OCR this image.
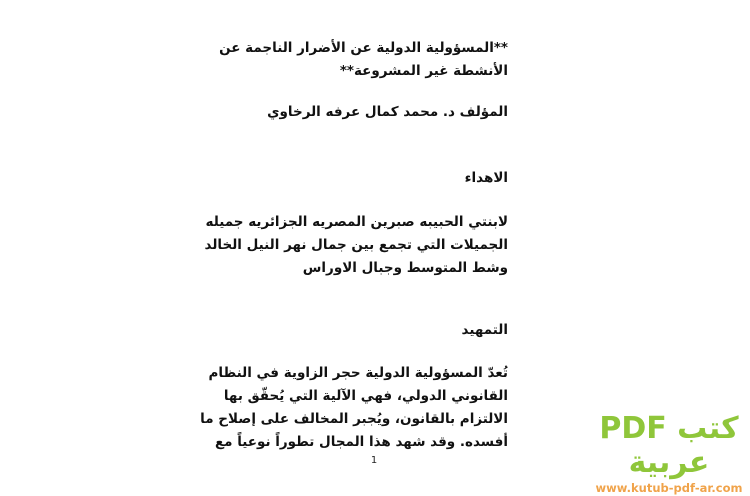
**المسؤولية الدولية عن الأضرار الناجمة عن
الأنشطة غير المشروعة**
المؤلف د. محمد كمال عرفه الرخاوي
الاهداء
لابنتي الحبيبه صبرين المصريه الجزائريه جميله
الجميلات التي تجمع بين جمال نهر النيل الخالد
وشط المتوسط وجبال الاوراس
التمهيد
تُعدّ المسؤولية الدولية حجر الزاوية في النظام
القانوني الدولي، فهي الآلية التي يُحقّق بها
الالتزام بالقانون، ويُجبر المخالف على إصلاح ما
أفسده. وقد شهد هذا المجال تطوراً نوعياً مع
1
كتب PDF عربية
www.kutub-pdf-ar.com
